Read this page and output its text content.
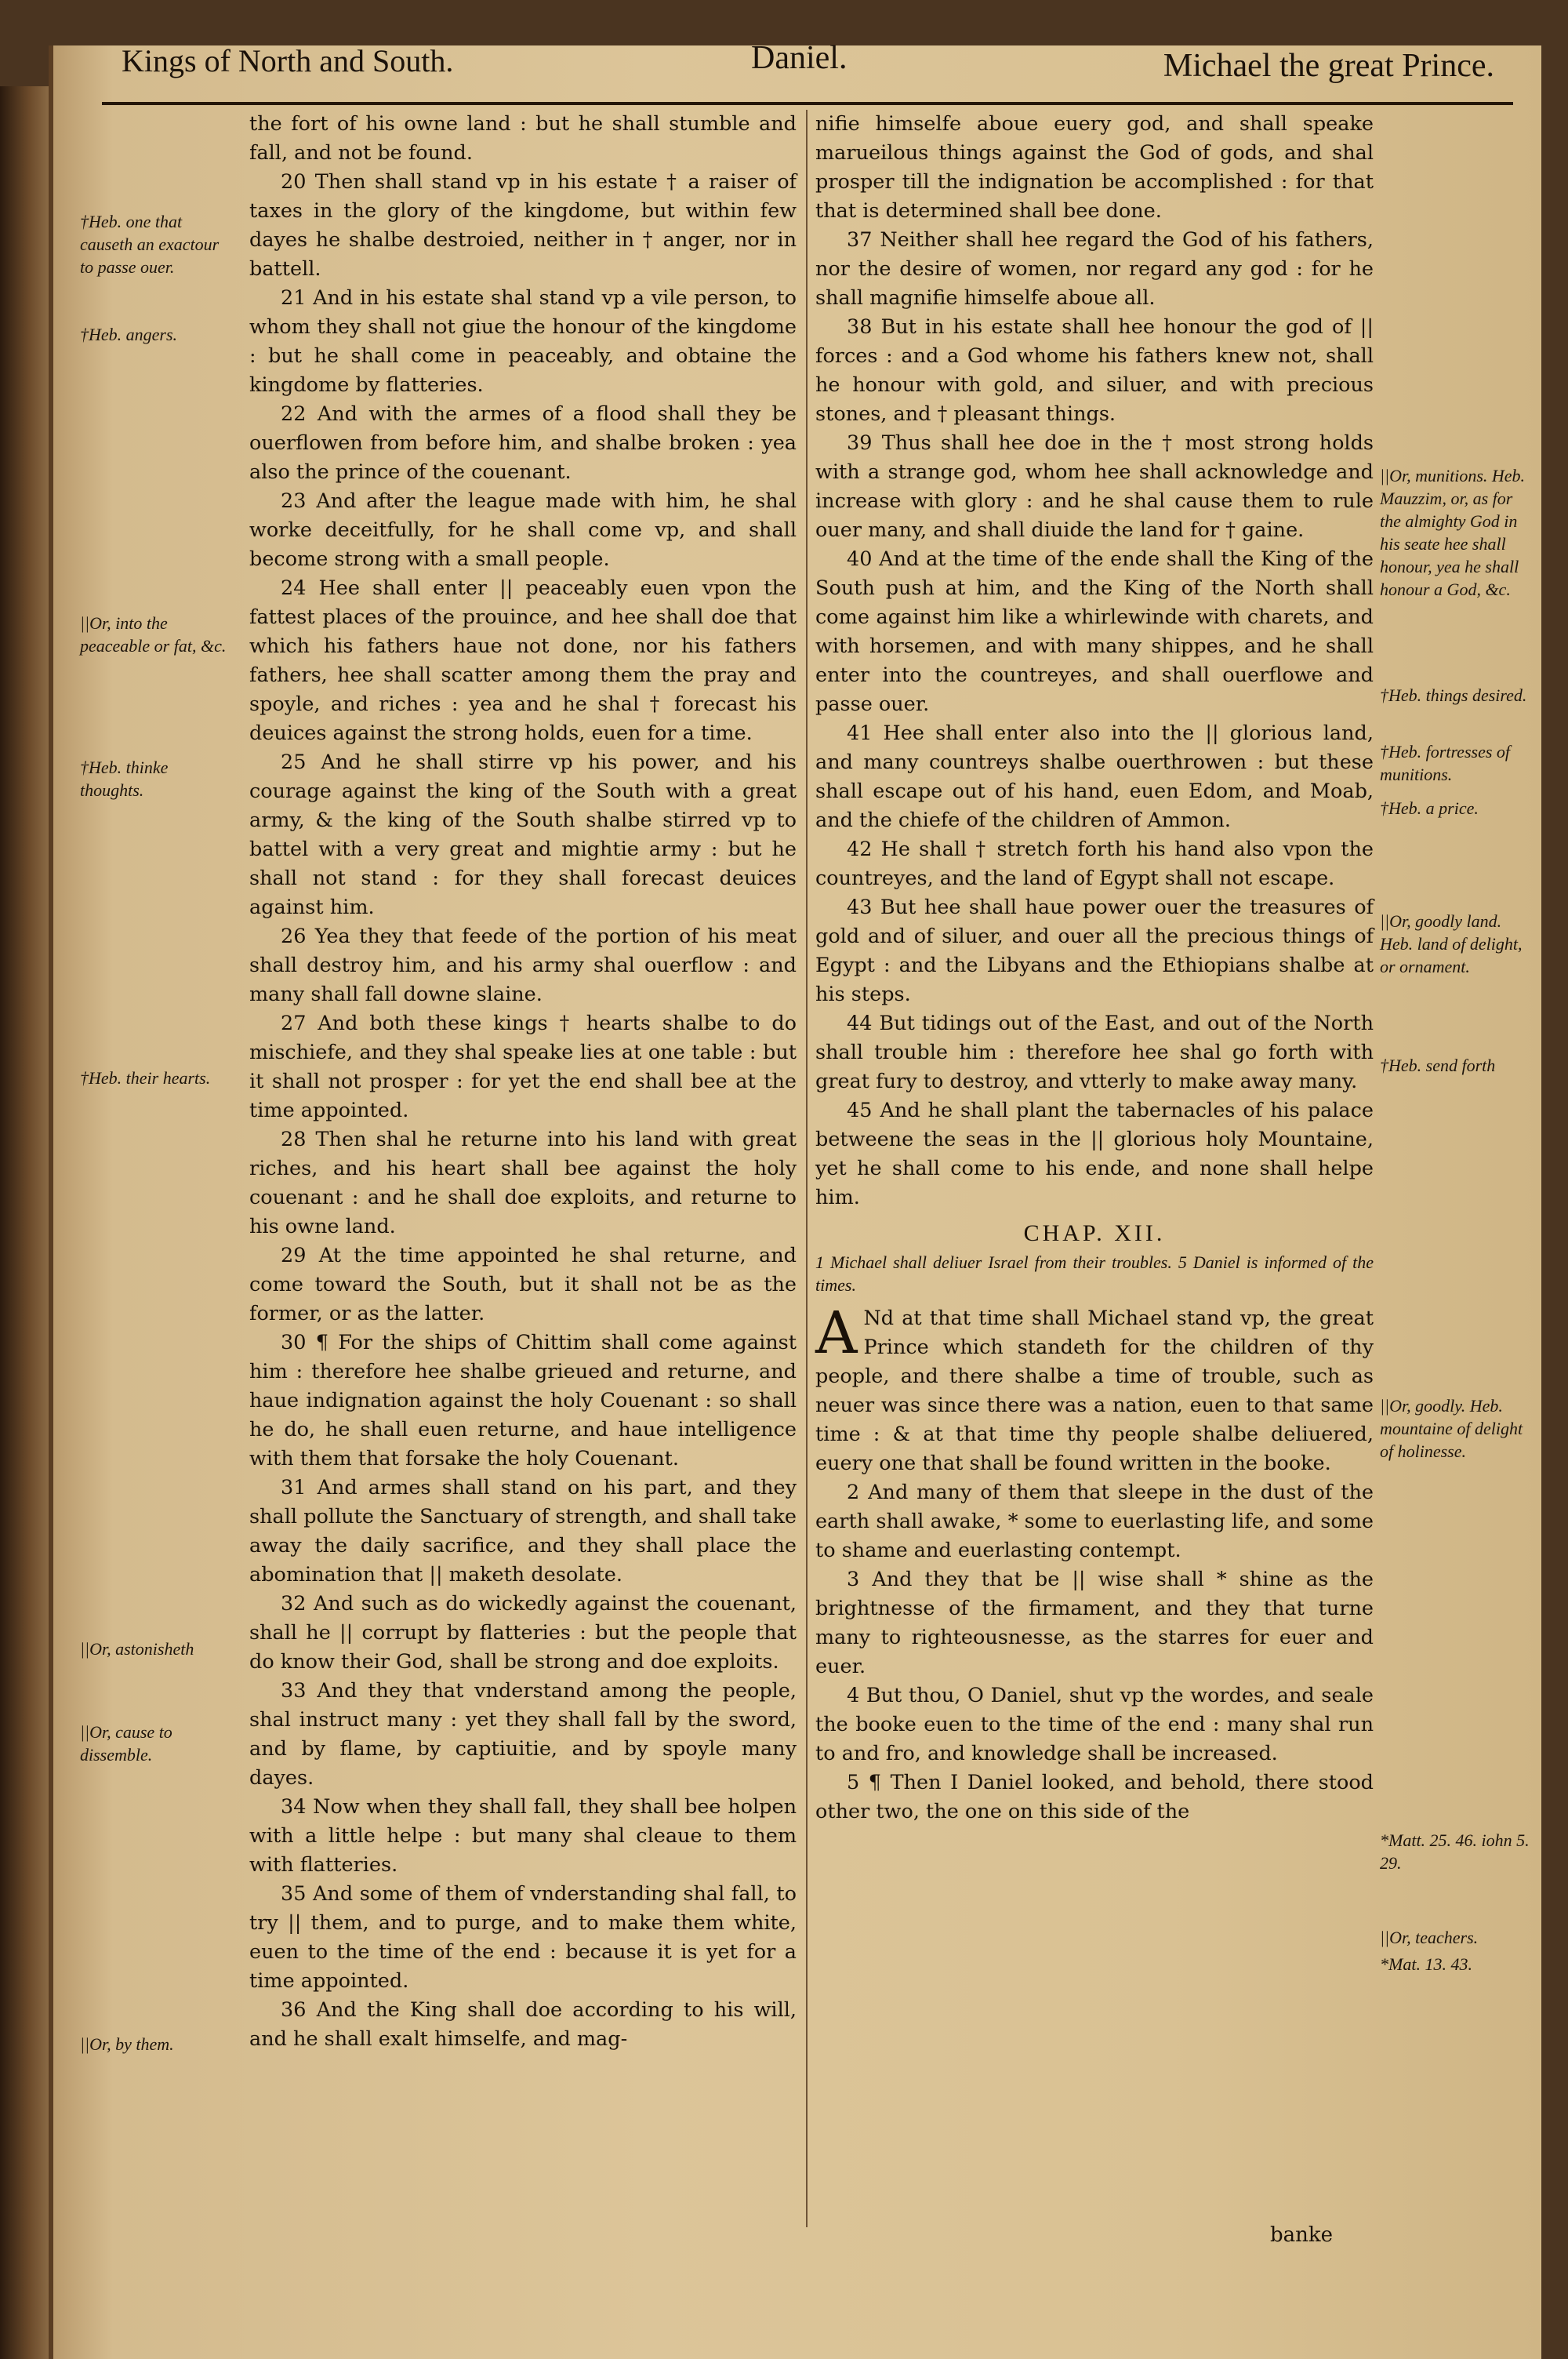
Kings of North and South.	Daniel.	Michael the great Prince.
†Heb. one that causeth an exactour to passe ouer.
†Heb. angers.
||Or, into the peaceable or fat, &c.
†Heb. thinke thoughts.
†Heb. their hearts.
||Or, astonisheth
||Or, cause to dissemble.
||Or, by them.

the fort of his owne land : but he shall stumble and fall, and not be found.

20 Then shall stand vp in his estate † a raiser of taxes in the glory of the kingdome, but within few dayes he shalbe destroied, neither in † anger, nor in battell.

21 And in his estate shal stand vp a vile person, to whom they shall not giue the honour of the kingdome : but he shall come in peaceably, and obtaine the kingdome by flatteries.

22 And with the armes of a flood shall they be ouerflowen from before him, and shalbe broken : yea also the prince of the couenant.

23 And after the league made with him, he shal worke deceitfully, for he shall come vp, and shall become strong with a small people.

24 Hee shall enter || peaceably euen vpon the fattest places of the prouince, and hee shall doe that which his fathers haue not done, nor his fathers fathers, hee shall scatter among them the pray and spoyle, and riches : yea and he shal † forecast his deuices against the strong holds, euen for a time.

25 And he shall stirre vp his power, and his courage against the king of the South with a great army, & the king of the South shalbe stirred vp to battel with a very great and mightie army : but he shall not stand : for they shall forecast deuices against him.

26 Yea they that feede of the portion of his meat shall destroy him, and his army shal ouerflow : and many shall fall downe slaine.

27 And both these kings † hearts shalbe to do mischiefe, and they shal speake lies at one table : but it shall not prosper : for yet the end shall bee at the time appointed.

28 Then shal he returne into his land with great riches, and his heart shall bee against the holy couenant : and he shall doe exploits, and returne to his owne land.

29 At the time appointed he shal returne, and come toward the South, but it shall not be as the former, or as the latter.

30 ¶ For the ships of Chittim shall come against him : therefore hee shalbe grieued and returne, and haue indignation against the holy Couenant : so shall he do, he shall euen returne, and haue intelligence with them that forsake the holy Couenant.

31 And armes shall stand on his part, and they shall pollute the Sanctuary of strength, and shall take away the daily sacrifice, and they shall place the abomination that || maketh desolate.

32 And such as do wickedly against the couenant, shall he || corrupt by flatteries : but the people that do know their God, shall be strong and doe exploits.

33 And they that vnderstand among the people, shal instruct many : yet they shall fall by the sword, and by flame, by captiuitie, and by spoyle many dayes.

34 Now when they shall fall, they shall bee holpen with a little helpe : but many shal cleaue to them with flatteries.

35 And some of them of vnderstanding shal fall, to try || them, and to purge, and to make them white, euen to the time of the end : because it is yet for a time appointed.

36 And the King shall doe according to his will, and he shall exalt himselfe, and mag-

nifie himselfe aboue euery god, and shall speake marueilous things against the God of gods, and shal prosper till the indignation be accomplished : for that that is determined shall bee done.

37 Neither shall hee regard the God of his fathers, nor the desire of women, nor regard any god : for he shall magnifie himselfe aboue all.

38 But in his estate shall hee honour the god of || forces : and a God whome his fathers knew not, shall he honour with gold, and siluer, and with precious stones, and † pleasant things.

39 Thus shall hee doe in the † most strong holds with a strange god, whom hee shall acknowledge and increase with glory : and he shal cause them to rule ouer many, and shall diuide the land for † gaine.

40 And at the time of the ende shall the King of the South push at him, and the King of the North shall come against him like a whirlewinde with charets, and with horsemen, and with many shippes, and he shall enter into the countreyes, and shall ouerflowe and passe ouer.

41 Hee shall enter also into the || glorious land, and many countreys shalbe ouerthrowen : but these shall escape out of his hand, euen Edom, and Moab, and the chiefe of the children of Ammon.

42 He shall † stretch forth his hand also vpon the countreyes, and the land of Egypt shall not escape.

43 But hee shall haue power ouer the treasures of gold and of siluer, and ouer all the precious things of Egypt : and the Libyans and the Ethiopians shalbe at his steps.

44 But tidings out of the East, and out of the North shall trouble him : therefore hee shal go forth with great fury to destroy, and vtterly to make away many.

45 And he shall plant the tabernacles of his palace betweene the seas in the || glorious holy Mountaine, yet he shall come to his ende, and none shall helpe him.

CHAP. XII.
1 Michael shall deliuer Israel from their troubles. 5 Daniel is informed of the times.

A Nd at that time shall Michael stand vp, the great Prince which standeth for the children of thy people, and there shalbe a time of trouble, such as neuer was since there was a nation, euen to that same time : & at that time thy people shalbe deliuered, euery one that shall be found written in the booke.

2 And many of them that sleepe in the dust of the earth shall awake, * some to euerlasting life, and some to shame and euerlasting contempt.

3 And they that be || wise shall * shine as the brightnesse of the firmament, and they that turne many to righteousnesse, as the starres for euer and euer.

4 But thou, O Daniel, shut vp the wordes, and seale the booke euen to the time of the end : many shal run to and fro, and knowledge shall be increased.

5 ¶ Then I Daniel looked, and behold, there stood other two, the one on this side of the

||Or, munitions. Heb. Mauzzim, or, as for the almighty God in his seate hee shall honour, yea he shall honour a God, &c.
†Heb. things desired.
†Heb. fortresses of munitions.
†Heb. a price.
||Or, goodly land. Heb. land of delight, or ornament.
†Heb. send forth
||Or, goodly. Heb. mountaine of delight of holinesse.
*Matt. 25. 46. iohn 5. 29.
||Or, teachers.
*Mat. 13. 43.
banke
